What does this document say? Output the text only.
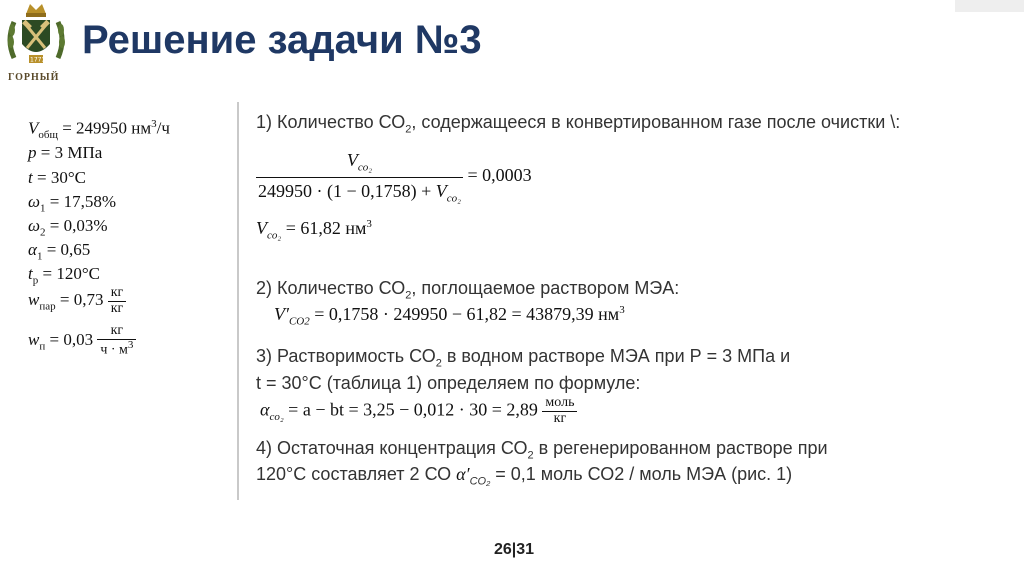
1773
ГОРНЫЙ
Решение задачи №3
$V_{общ} = 249950$ $нм^3/ч$
p = 3 МПа
t = 30°С
$\omega_1 = 17,58\%$
$\omega_2 = 0,03\%$
$\alpha_1 = 0,65$
$t_р = 120^\circ С$
$w_{пар} = 0,73 \frac{кг}{кг}$
$w_п = 0,03 \frac{кг}{ч \cdot м^3}$
1) Количество $СО_2$, содержащееся в конвертированном газе после очистки \:
$\frac{V_{co_2}}{249950 \cdot (1 - 0,1758) + V_{co_2}} = 0,0003$
$V_{co_2} = 61,82$ $нм^3$
2) Количество $СО_2$, поглощаемое раствором МЭА:
$V'_{CO2} = 0,1758 \cdot 249950 - 61,82 = 43879,39$ $нм^3$
3) Растворимость $СО_2$ в водном растворе МЭА при Р = 3 МПа и
t = 30°С (таблица 1) определяем по формуле:
$\alpha_{co_2} = a$ − bt = $3,25 - 0,012 \cdot 30 = 2,89 \frac{\text{моль}}{кг}$
4) Остаточная концентрация $СО_2$ в регенерированном растворе при
120°С составляет 2 СО $\alpha'_{CO_2} = 0,1$ моль СО2 / моль МЭА (рис. 1)
26|31
